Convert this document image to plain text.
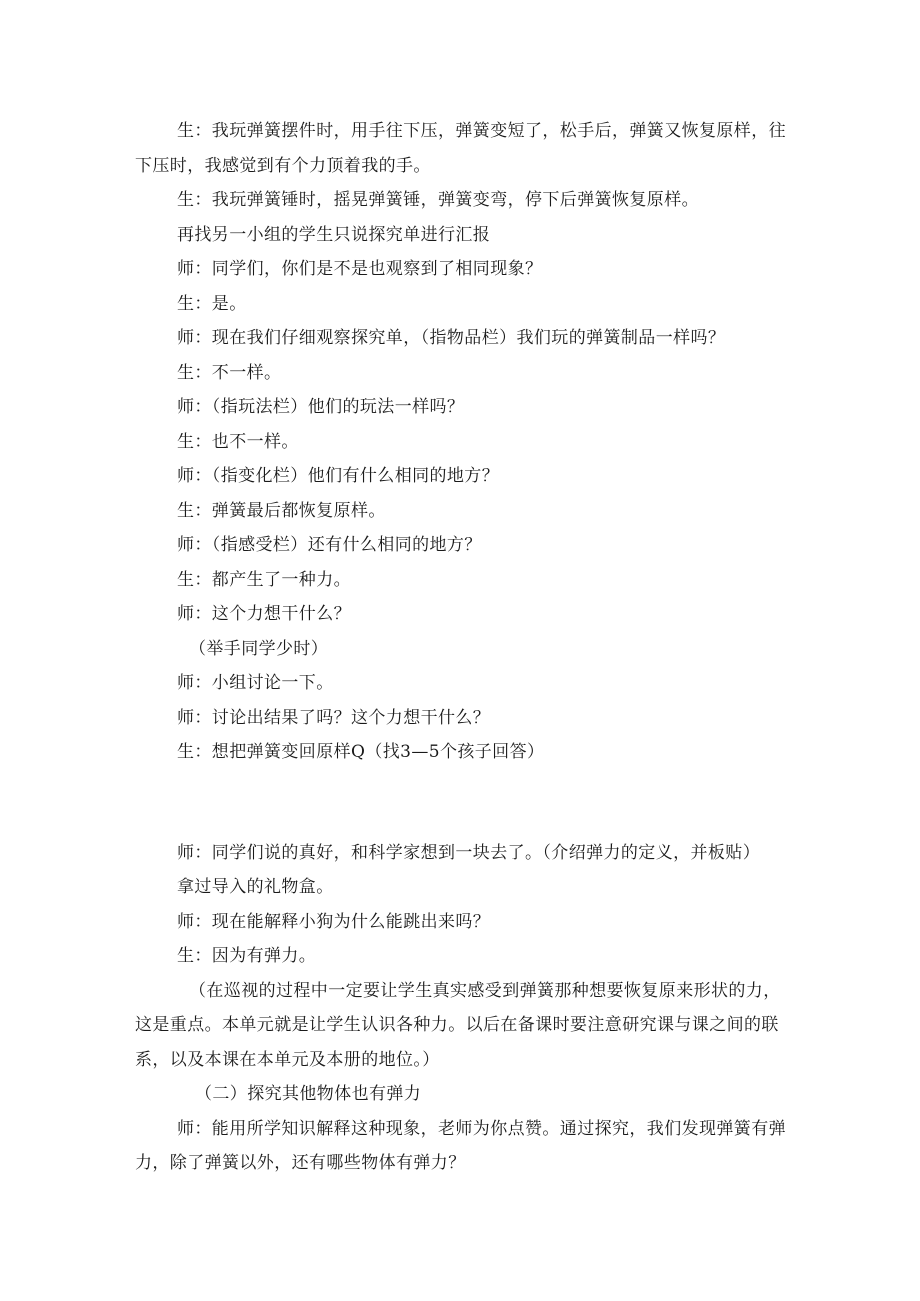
生：我玩弹簧摆件时，用手往下压，弹簧变短了，松手后，弹簧又恢复原样，往下压时，我感觉到有个力顶着我的手。

生：我玩弹簧锤时，摇晃弹簧锤，弹簧变弯，停下后弹簧恢复原样。

再找另一小组的学生只说探究单进行汇报

师：同学们，你们是不是也观察到了相同现象？

生：是。

师：现在我们仔细观察探究单，（指物品栏）我们玩的弹簧制品一样吗？

生：不一样。

师：（指玩法栏）他们的玩法一样吗？

生：也不一样。

师：（指变化栏）他们有什么相同的地方？

生：弹簧最后都恢复原样。

师：（指感受栏）还有什么相同的地方？

生：都产生了一种力。

师：这个力想干什么？

（举手同学少时）

师：小组讨论一下。

师：讨论出结果了吗？这个力想干什么？

生：想把弹簧变回原样Q（找3—5个孩子回答）

师：同学们说的真好，和科学家想到一块去了。（介绍弹力的定义，并板贴）

拿过导入的礼物盒。

师：现在能解释小狗为什么能跳出来吗？

生：因为有弹力。

（在巡视的过程中一定要让学生真实感受到弹簧那种想要恢复原来形状的力，这是重点。本单元就是让学生认识各种力。以后在备课时要注意研究课与课之间的联系，以及本课在本单元及本册的地位。）

（二）探究其他物体也有弹力

师：能用所学知识解释这种现象，老师为你点赞。通过探究，我们发现弹簧有弹力，除了弹簧以外，还有哪些物体有弹力？
